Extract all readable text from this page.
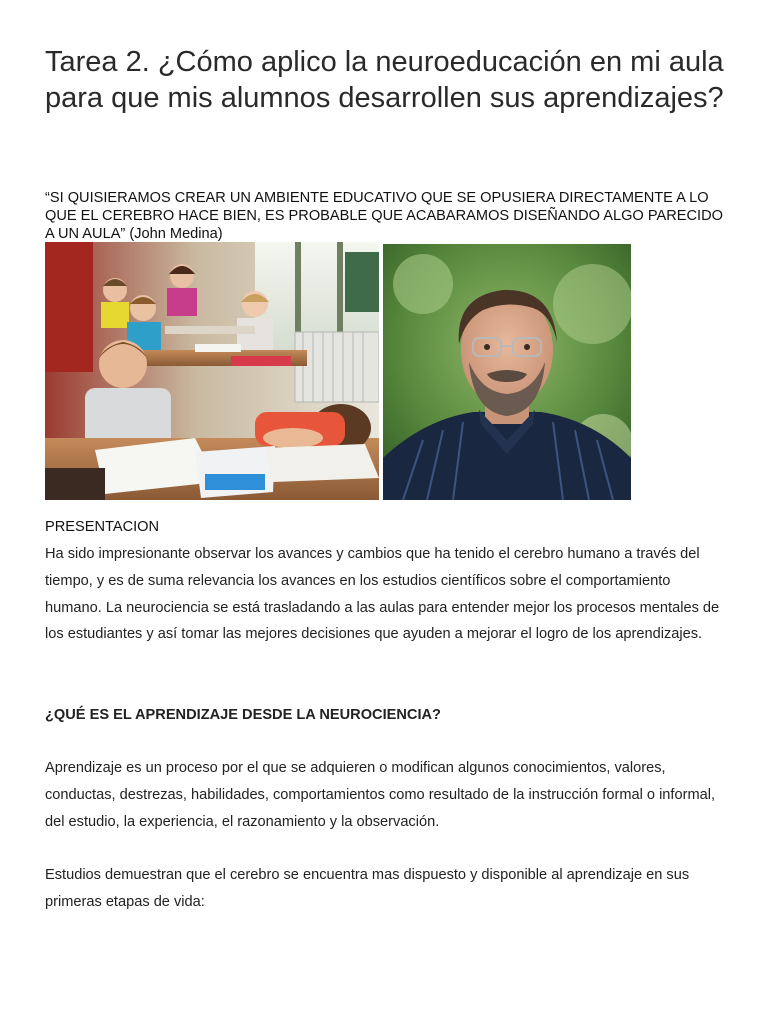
Tarea 2. ¿Cómo aplico la neuroeducación en mi aula para que mis alumnos desarrollen sus aprendizajes?

“SI QUISIERAMOS CREAR UN AMBIENTE EDUCATIVO QUE SE OPUSIERA DIRECTAMENTE A LO QUE EL CEREBRO HACE BIEN, ES PROBABLE QUE ACABARAMOS DISEÑANDO ALGO PARECIDO A UN AULA” (John Medina)

PRESENTACION

Ha sido impresionante observar los avances y cambios que ha tenido el cerebro humano a través del tiempo, y es de suma relevancia los avances en los estudios científicos sobre el comportamiento humano. La neurociencia se está trasladando a las aulas para entender mejor los procesos mentales de los estudiantes y así tomar las mejores decisiones que ayuden a mejorar el logro de los aprendizajes.

¿QUÉ ES EL APRENDIZAJE DESDE LA NEUROCIENCIA?

Aprendizaje es un proceso por el que se adquieren o modifican algunos conocimientos, valores, conductas, destrezas, habilidades, comportamientos como resultado de la instrucción formal o informal, del estudio, la experiencia, el razonamiento y la observación.

Estudios demuestran que el cerebro se encuentra mas dispuesto y disponible al aprendizaje en sus primeras etapas de vida:
